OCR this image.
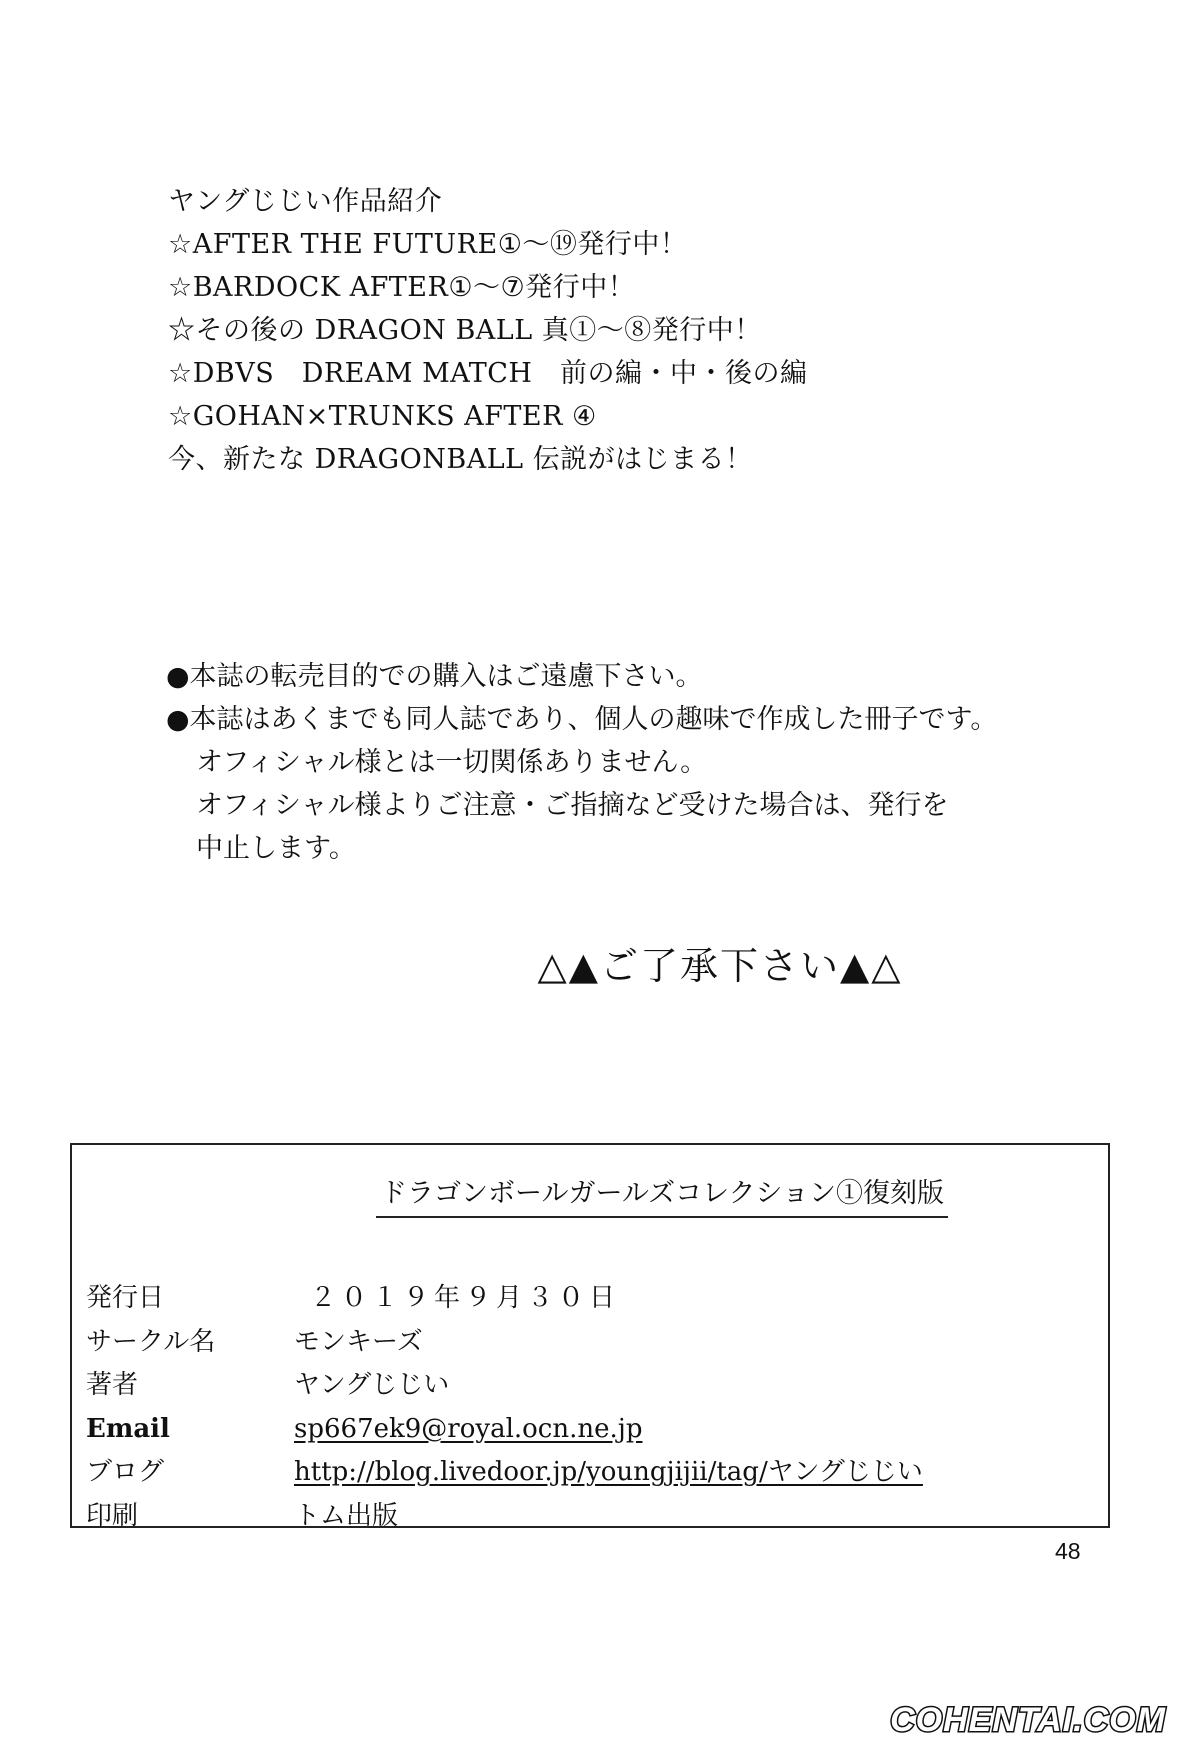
ヤングじじい作品紹介
☆AFTER THE FUTURE①～⑲発行中！
☆BARDOCK AFTER①～⑦発行中！
☆その後の DRAGON BALL 真①～⑧発行中！
☆DBVS　DREAM MATCH　前の編・中・後の編
☆GOHAN×TRUNKS AFTER ④
今、新たな DRAGONBALL 伝説がはじまる！
●本誌の転売目的での購入はご遠慮下さい。
●本誌はあくまでも同人誌であり、個人の趣味で作成した冊子です。
オフィシャル様とは一切関係ありません。
オフィシャル様よりご注意・ご指摘など受けた場合は、発行を
中止します。
△▲ご了承下さい▲△
ドラゴンボールガールズコレクション①復刻版
発行日	２０１９年９月３０日
サークル名	モンキーズ
著者	ヤングじじい
Email	sp667ek9@royal.ocn.ne.jp
ブログ	http://blog.livedoor.jp/youngjijii/tag/ヤングじじい
印刷	トム出版
48
COHENTAI.COM
